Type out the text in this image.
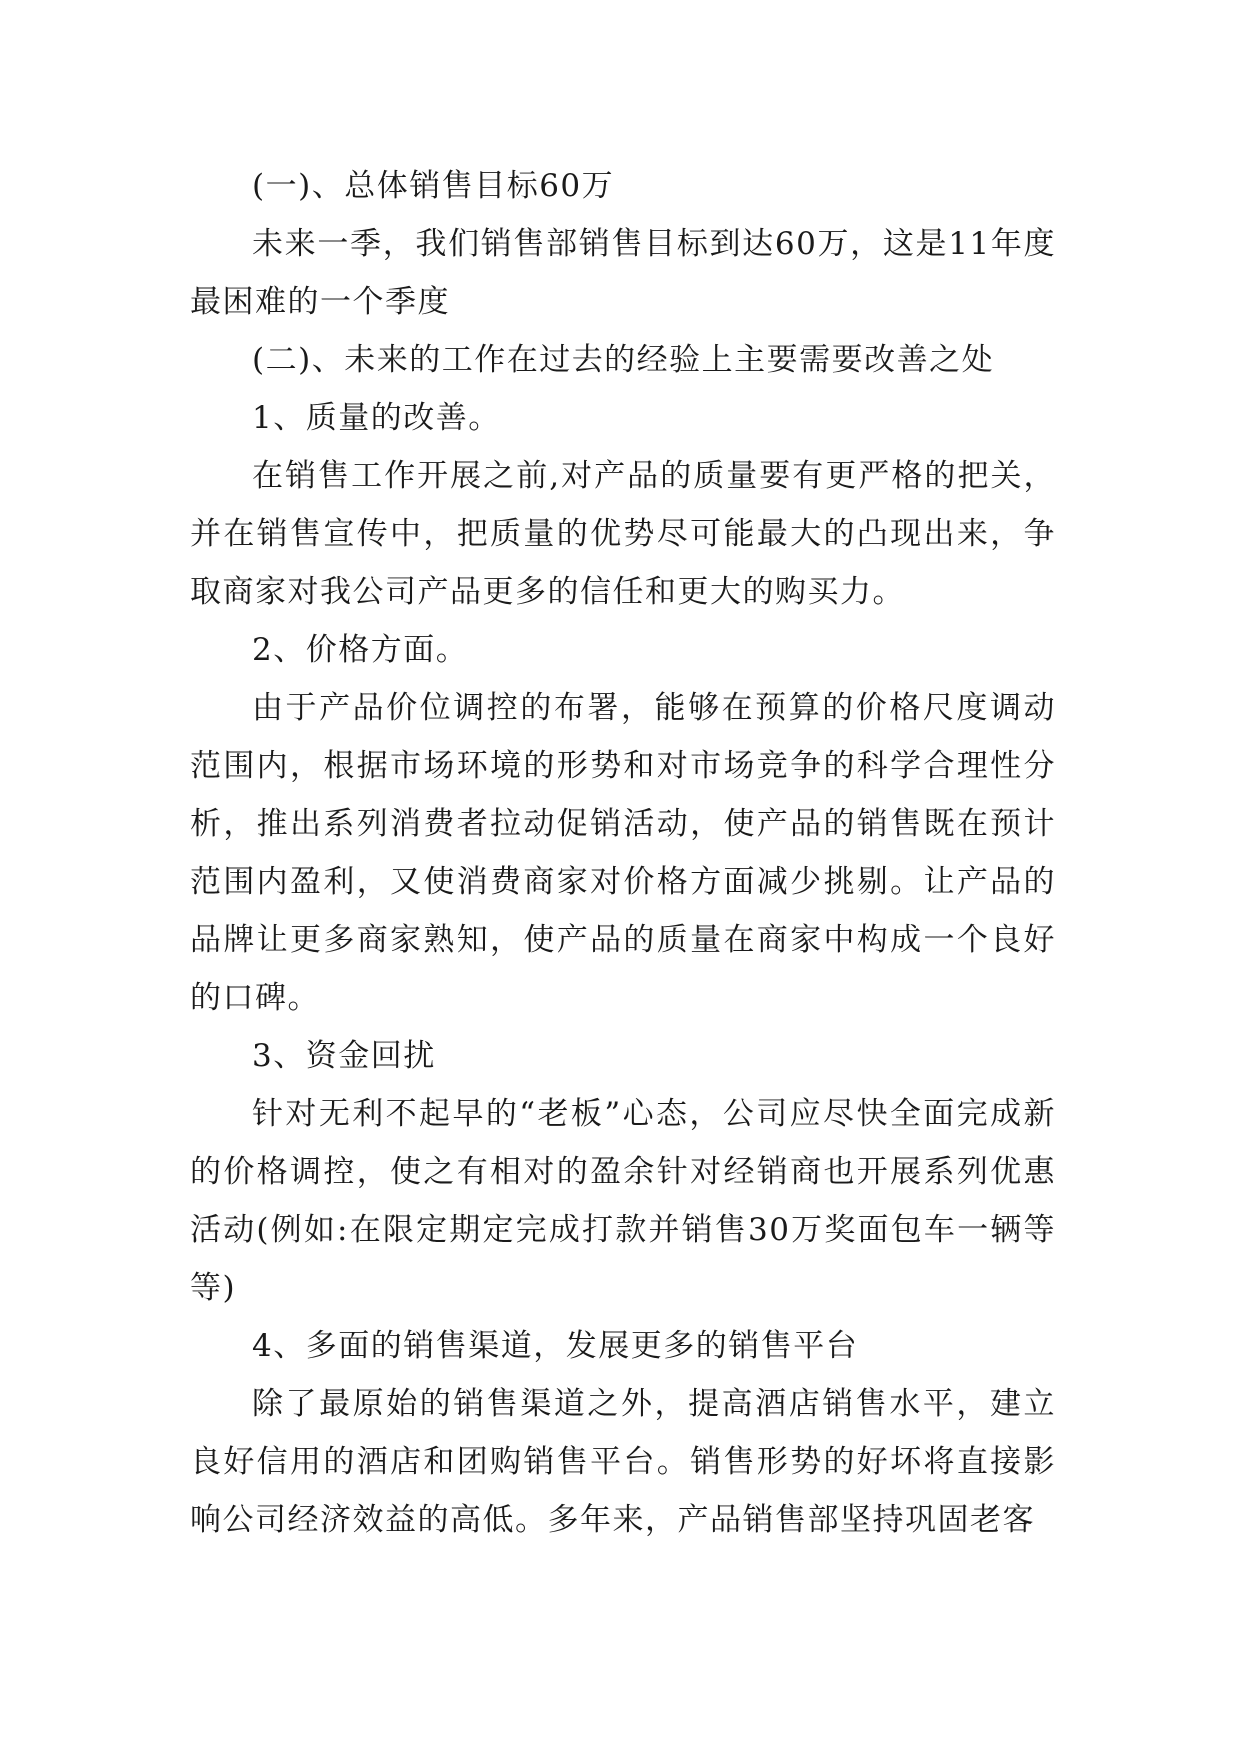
(一)、总体销售目标60万

未来一季，我们销售部销售目标到达60万，这是11年度最困难的一个季度

(二)、未来的工作在过去的经验上主要需要改善之处

1、质量的改善。

在销售工作开展之前,对产品的质量要有更严格的把关，并在销售宣传中，把质量的优势尽可能最大的凸现出来，争取商家对我公司产品更多的信任和更大的购买力。

2、价格方面。

由于产品价位调控的布署，能够在预算的价格尺度调动范围内，根据市场环境的形势和对市场竞争的科学合理性分析，推出系列消费者拉动促销活动，使产品的销售既在预计范围内盈利，又使消费商家对价格方面减少挑剔。让产品的品牌让更多商家熟知，使产品的质量在商家中构成一个良好的口碑。

3、资金回扰

针对无利不起早的“老板”心态，公司应尽快全面完成新的价格调控，使之有相对的盈余针对经销商也开展系列优惠活动(例如:在限定期定完成打款并销售30万奖面包车一辆等等)

4、多面的销售渠道，发展更多的销售平台

除了最原始的销售渠道之外，提高酒店销售水平，建立良好信用的酒店和团购销售平台。销售形势的好坏将直接影响公司经济效益的高低。多年来，产品销售部坚持巩固老客
